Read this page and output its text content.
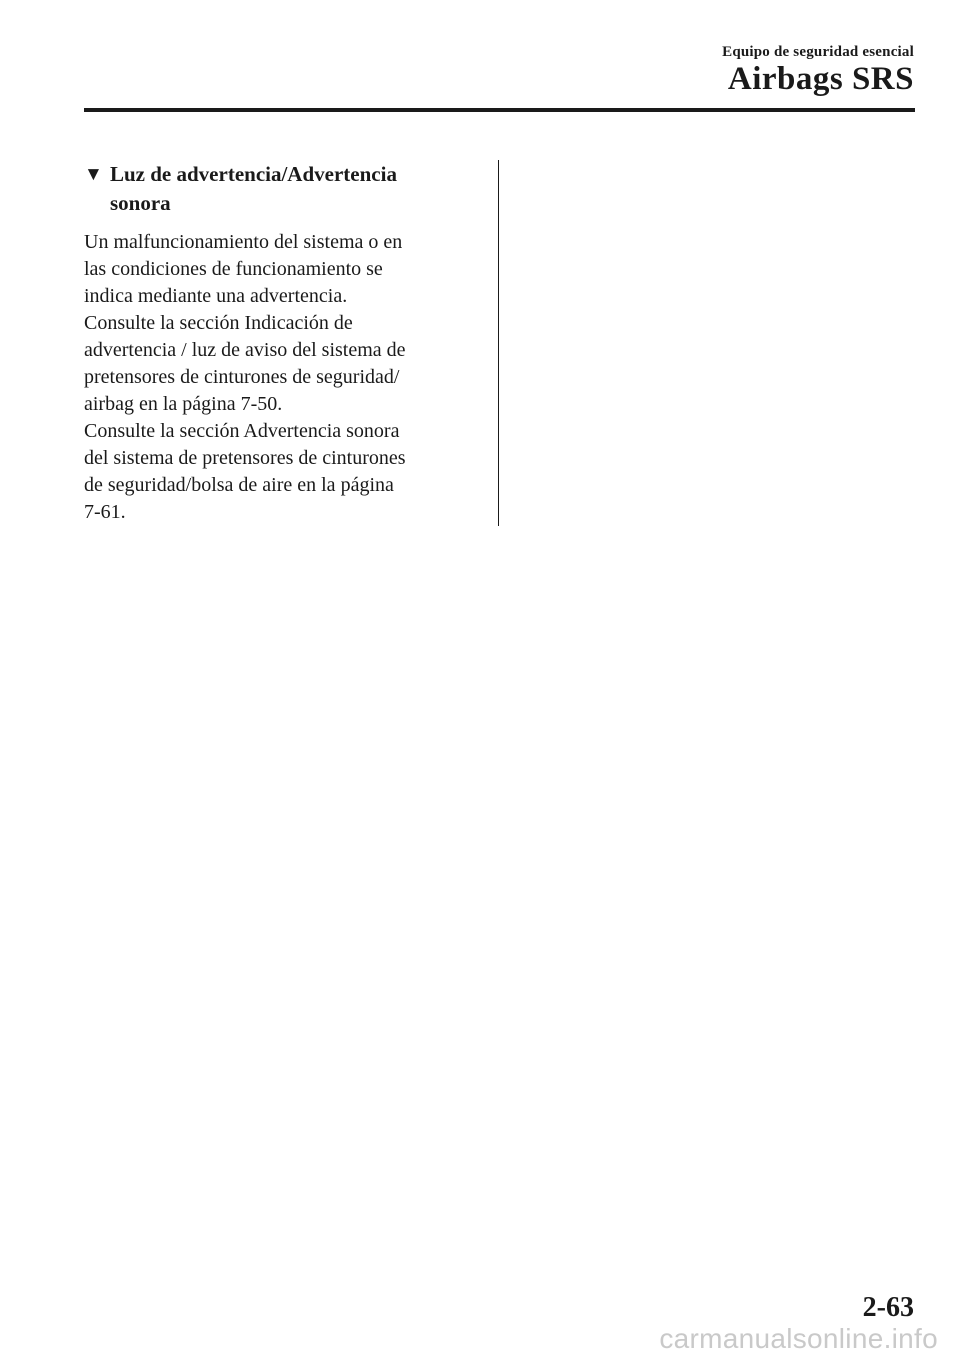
Equipo de seguridad esencial
Airbags SRS
▼ Luz de advertencia/Advertencia
sonora
Un malfuncionamiento del sistema o en
las condiciones de funcionamiento se
indica mediante una advertencia.
Consulte la sección Indicación de
advertencia / luz de aviso del sistema de
pretensores de cinturones de seguridad/
airbag en la página 7-50.
Consulte la sección Advertencia sonora
del sistema de pretensores de cinturones
de seguridad/bolsa de aire en la página
7-61.
2-63
carmanualsonline.info
